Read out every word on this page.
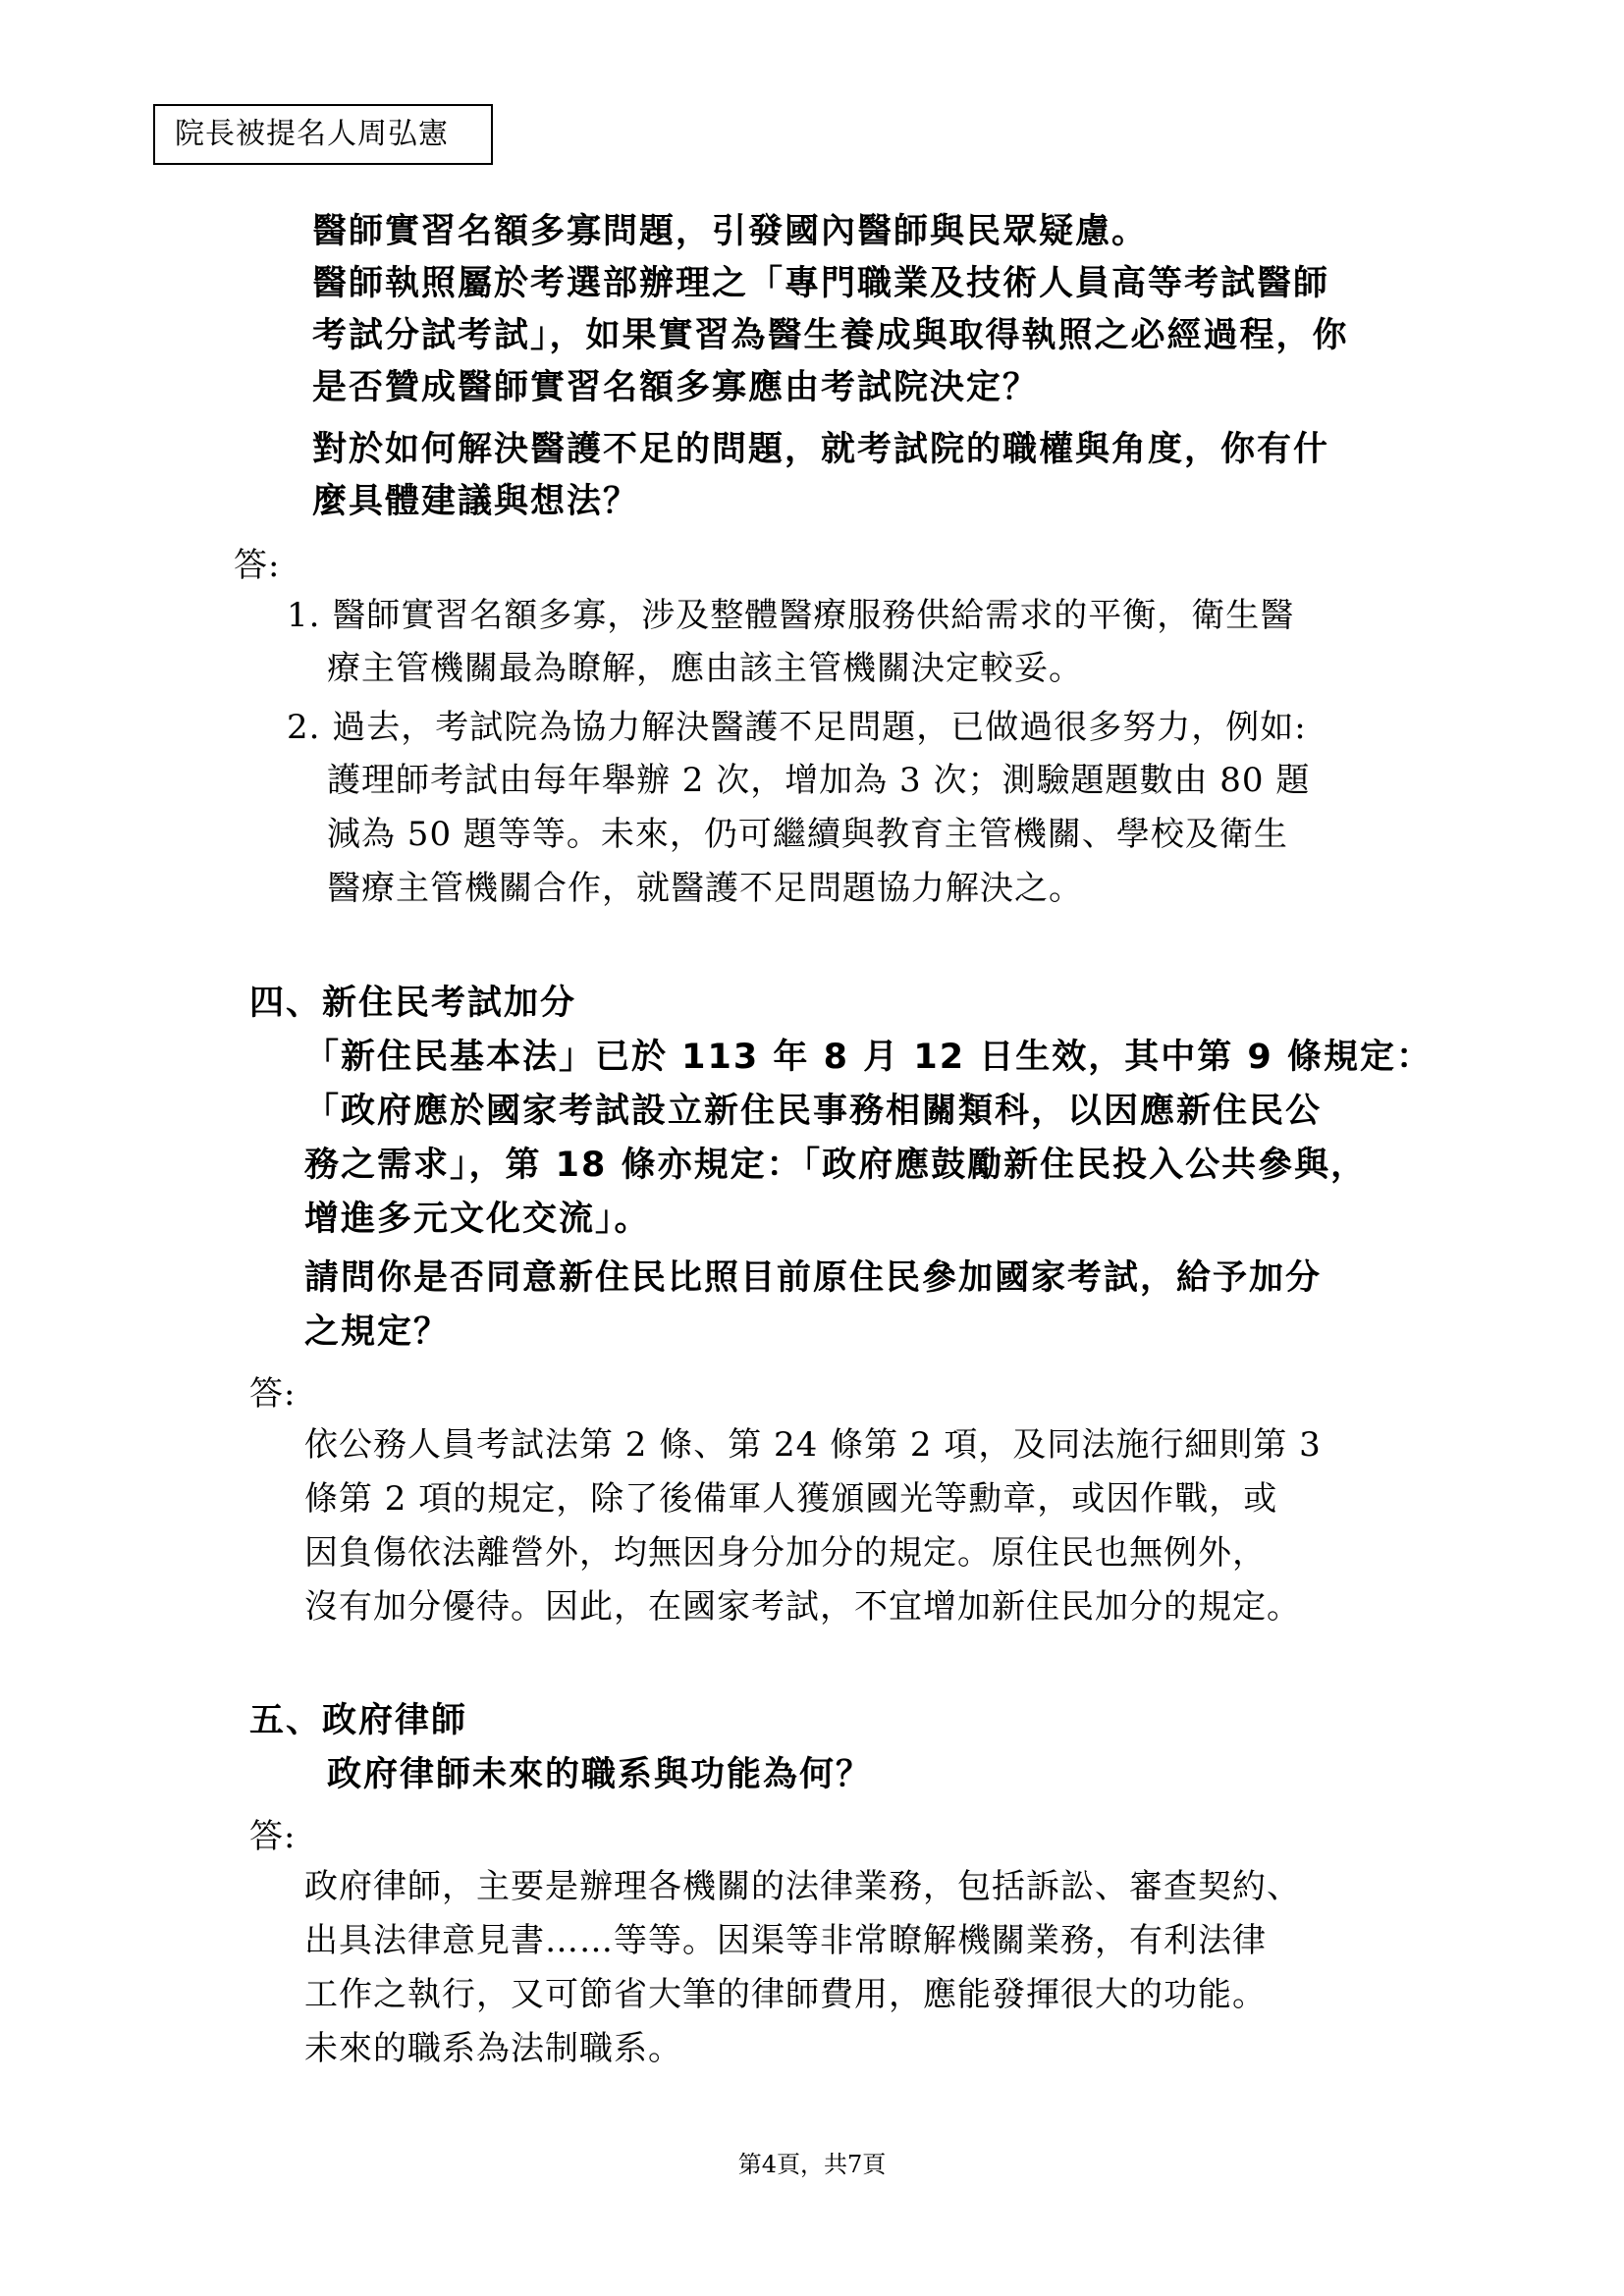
院長被提名人周弘憲
醫師實習名額多寡問題，引發國內醫師與民眾疑慮。
醫師執照屬於考選部辦理之「專門職業及技術人員高等考試醫師
考試分試考試」，如果實習為醫生養成與取得執照之必經過程，你
是否贊成醫師實習名額多寡應由考試院決定？
對於如何解決醫護不足的問題，就考試院的職權與角度，你有什
麼具體建議與想法？
答:
1. 醫師實習名額多寡，涉及整體醫療服務供給需求的平衡，衛生醫
療主管機關最為瞭解，應由該主管機關決定較妥。
2. 過去，考試院為協力解決醫護不足問題，已做過很多努力，例如:
護理師考試由每年舉辦 2 次，增加為 3 次；測驗題題數由 80 題
減為 50 題等等。未來，仍可繼續與教育主管機關、學校及衛生
醫療主管機關合作，就醫護不足問題協力解決之。
四、新住民考試加分
「新住民基本法」已於 113 年 8 月 12 日生效，其中第 9 條規定：
「政府應於國家考試設立新住民事務相關類科，以因應新住民公
務之需求」，第 18 條亦規定：「政府應鼓勵新住民投入公共參與，
增進多元文化交流」。
請問你是否同意新住民比照目前原住民參加國家考試，給予加分
之規定？
答:
依公務人員考試法第 2 條、第 24 條第 2 項，及同法施行細則第 3
條第 2 項的規定，除了後備軍人獲頒國光等勳章，或因作戰，或
因負傷依法離營外，均無因身分加分的規定。原住民也無例外，
沒有加分優待。因此，在國家考試，不宜增加新住民加分的規定。
五、政府律師
政府律師未來的職系與功能為何？
答:
政府律師，主要是辦理各機關的法律業務，包括訴訟、審查契約、
出具法律意見書……等等。因渠等非常瞭解機關業務，有利法律
工作之執行，又可節省大筆的律師費用，應能發揮很大的功能。
未來的職系為法制職系。
第4頁，共7頁
